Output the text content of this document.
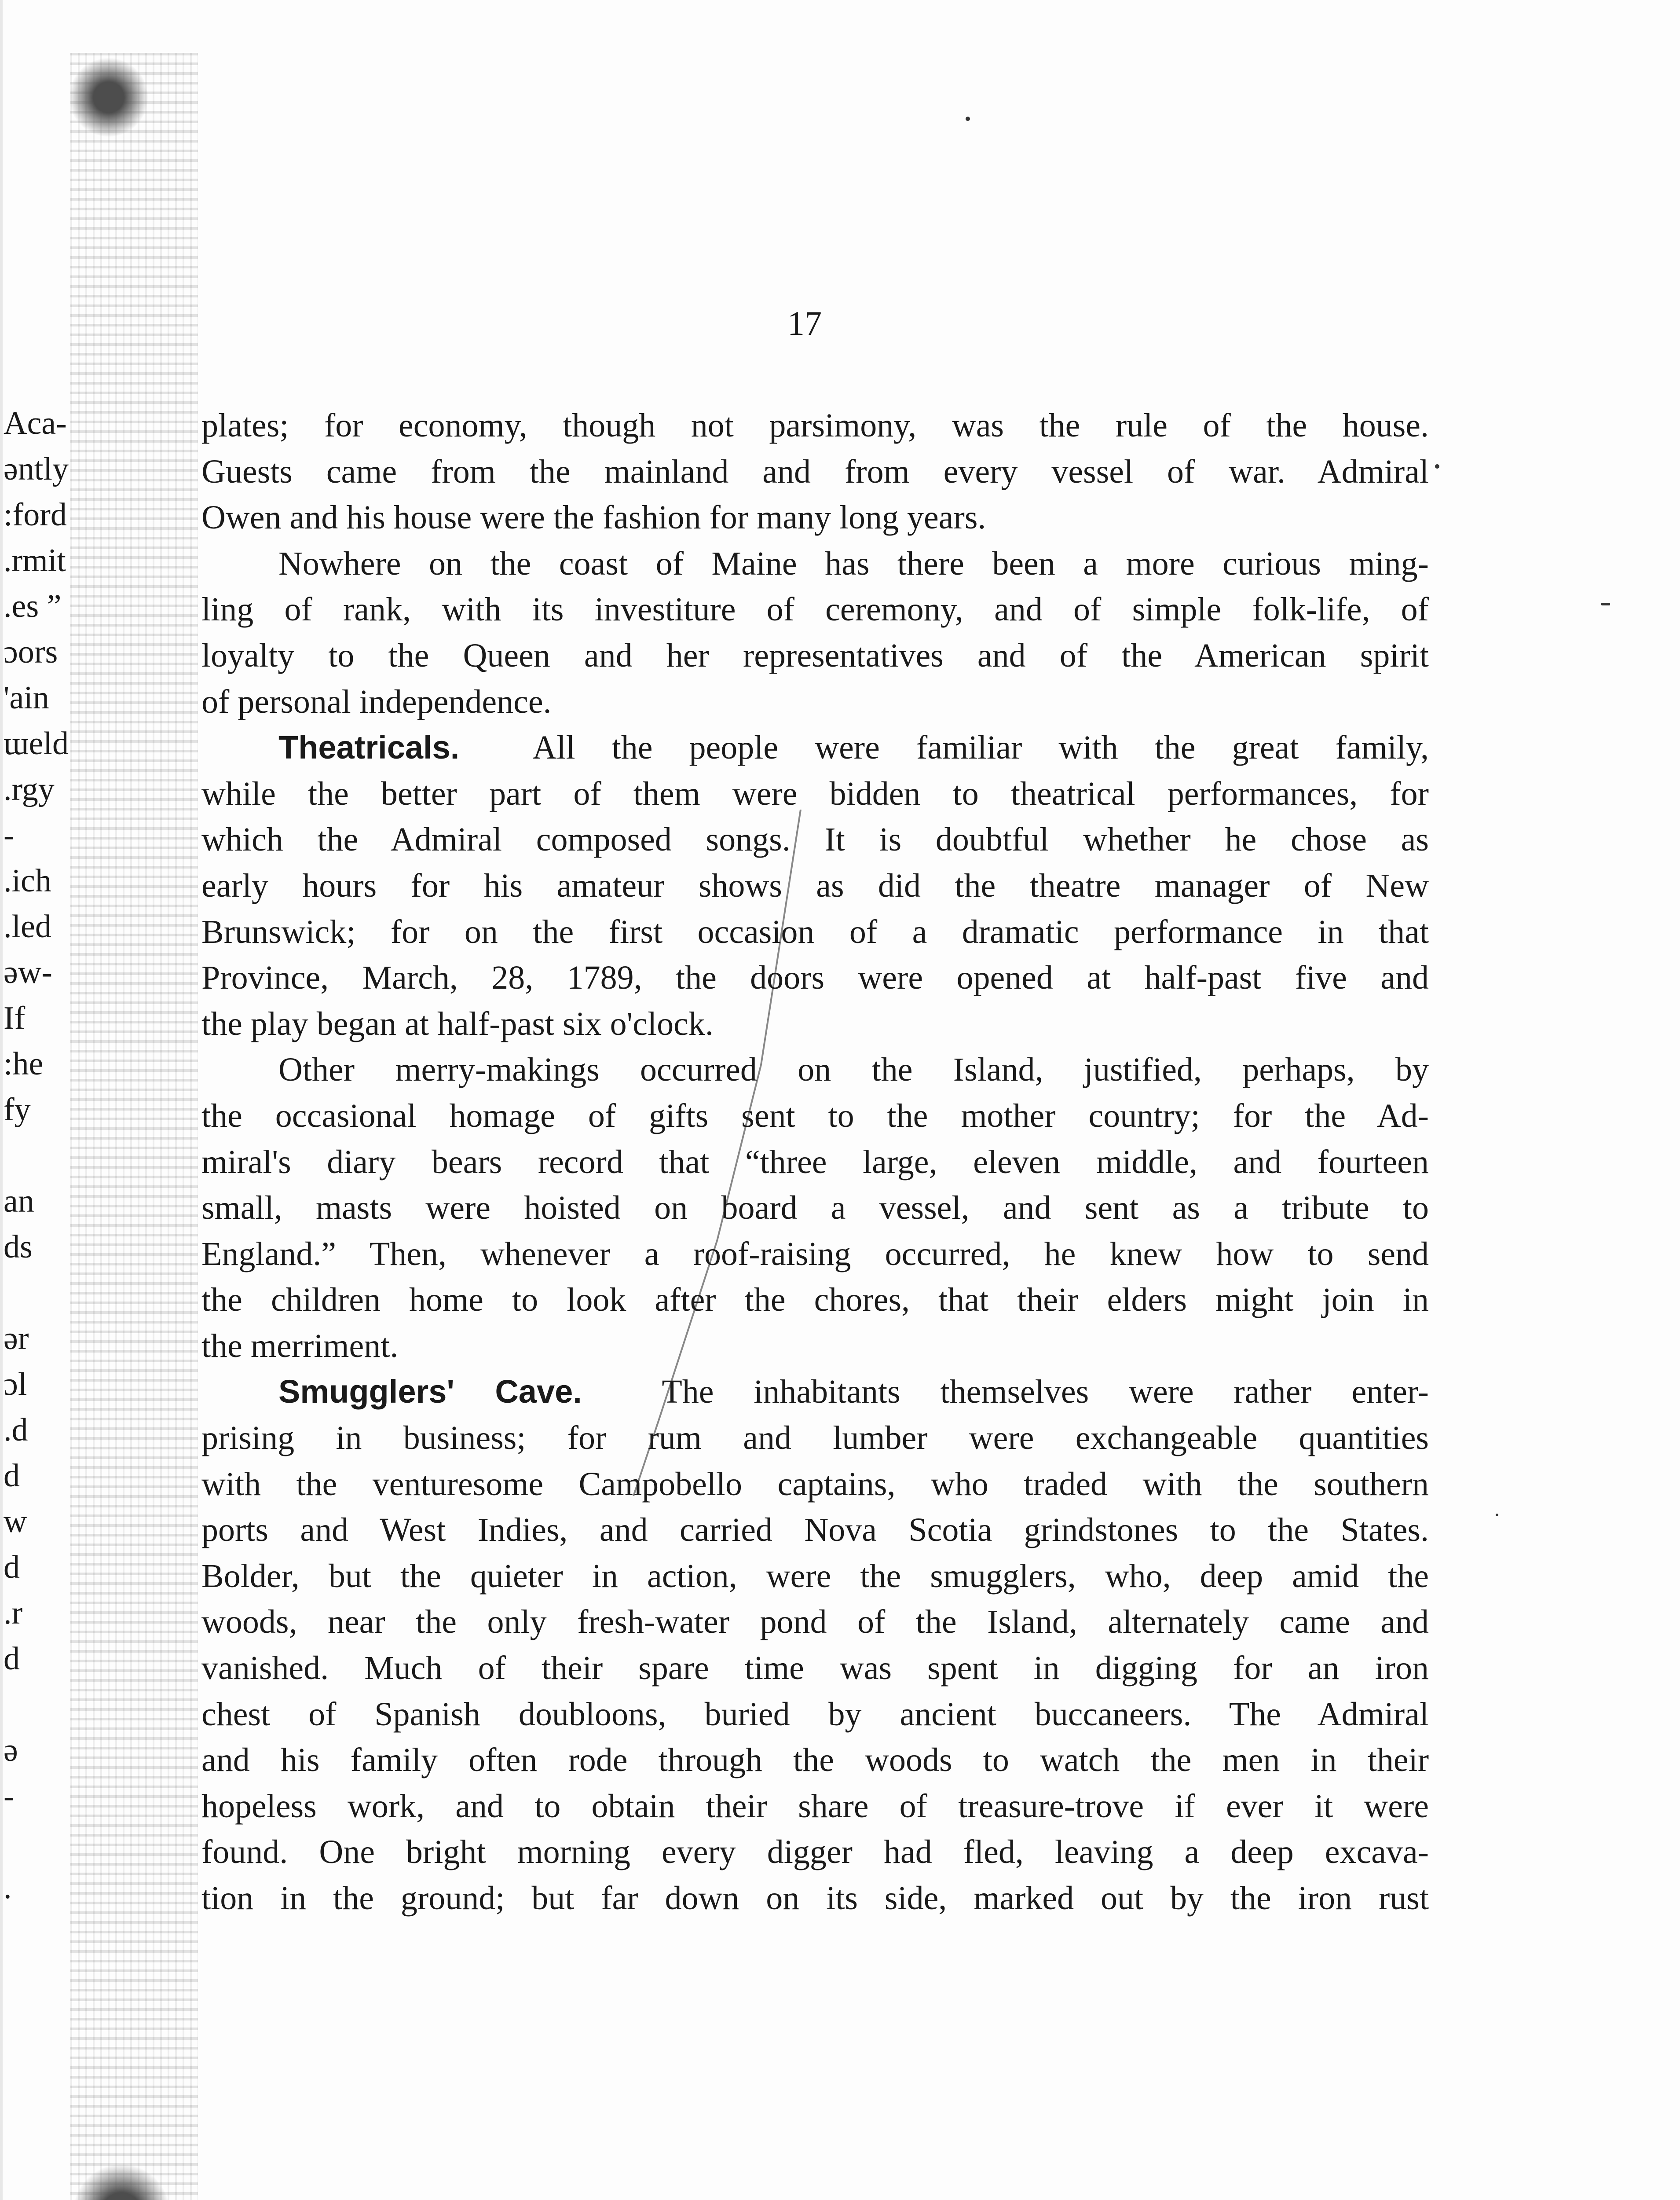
Aca-
əntly
:ford
.rmit
.es ”
ɔors
'ain
ɯeld
.rgy
-
.ich
.led
əw-
If
:he
fy
an
ԁs
ər
ɔl
.d
d
w
ԁ
.r
ԁ
ə
-
.
17
plates; for economy, though not parsimony, was the rule of the house.
Guests came from the mainland and from every vessel of war. Admiral
Owen and his house were the fashion for many long years.
Nowhere on the coast of Maine has there been a more curious ming-
ling of rank, with its investiture of ceremony, and of simple folk-life, of
loyalty to the Queen and her representatives and of the American spirit
of personal independence.
Theatricals. All the people were familiar with the great family,
while the better part of them were bidden to theatrical performances, for
which the Admiral composed songs. It is doubtful whether he chose as
early hours for his amateur shows as did the theatre manager of New
Brunswick; for on the first occasion of a dramatic performance in that
Province, March, 28, 1789, the doors were opened at half-past five and
the play began at half-past six o'clock.
Other merry-makings occurred on the Island, justified, perhaps, by
the occasional homage of gifts sent to the mother country; for the Ad-
miral's diary bears record that “three large, eleven middle, and fourteen
small, masts were hoisted on board a vessel, and sent as a tribute to
England.” Then, whenever a roof-raising occurred, he knew how to send
the children home to look after the chores, that their elders might join in
the merriment.
Smugglers' Cave. The inhabitants themselves were rather enter-
prising in business; for rum and lumber were exchangeable quantities
with the venturesome Campobello captains, who traded with the southern
ports and West Indies, and carried Nova Scotia grindstones to the States.
Bolder, but the quieter in action, were the smugglers, who, deep amid the
woods, near the only fresh-water pond of the Island, alternately came and
vanished. Much of their spare time was spent in digging for an iron
chest of Spanish doubloons, buried by ancient buccaneers. The Admiral
and his family often rode through the woods to watch the men in their
hopeless work, and to obtain their share of treasure-trove if ever it were
found. One bright morning every digger had fled, leaving a deep excava-
tion in the ground; but far down on its side, marked out by the iron rust
